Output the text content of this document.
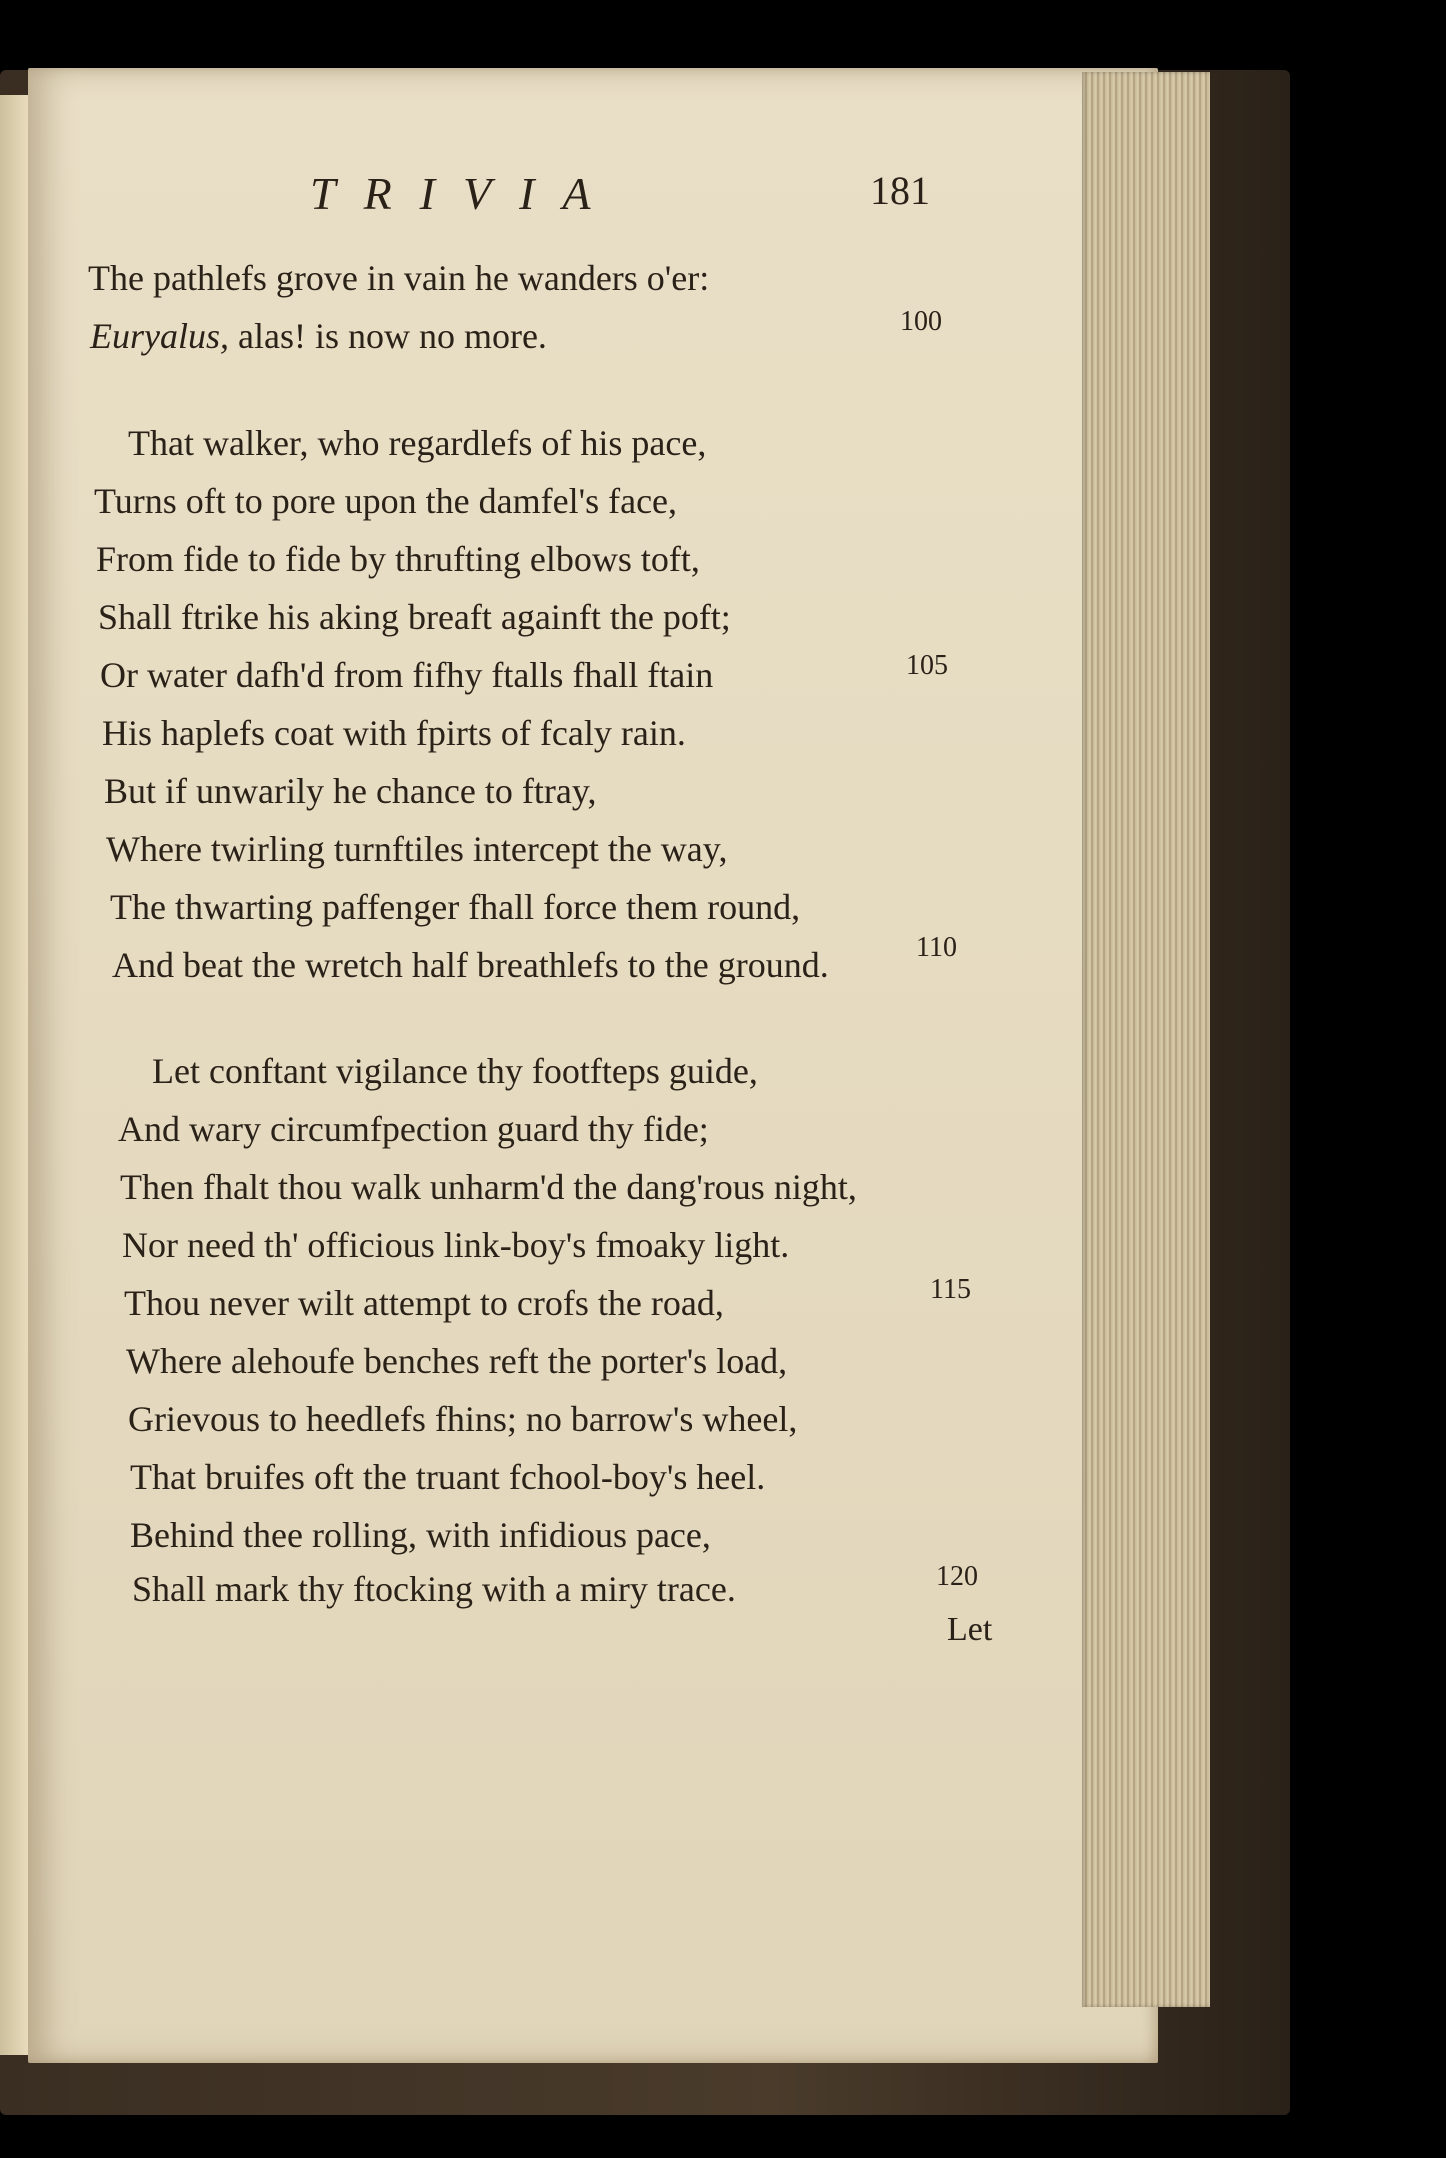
TRIVIA	181

The pathlefs grove in vain he wanders o'er:

Euryalus, alas! is now no more.	100

That walker, who regardlefs of his pace,

Turns oft to pore upon the damfel's face,

From fide to fide by thrufting elbows toft,

Shall ftrike his aking breaft againft the poft;

Or water dafh'd from fifhy ftalls fhall ftain	105

His haplefs coat with fpirts of fcaly rain.

But if unwarily he chance to ftray,

Where twirling turnftiles intercept the way,

The thwarting paffenger fhall force them round,

And beat the wretch half breathlefs to the ground.	110

Let conftant vigilance thy footfteps guide,

And wary circumfpection guard thy fide;

Then fhalt thou walk unharm'd the dang'rous night,

Nor need th' officious link-boy's fmoaky light.

Thou never wilt attempt to crofs the road,	115

Where alehoufe benches reft the porter's load,

Grievous to heedlefs fhins; no barrow's wheel,

That bruifes oft the truant fchool-boy's heel.

Behind thee rolling, with infidious pace,

Shall mark thy ftocking with a miry trace.	120

Let
